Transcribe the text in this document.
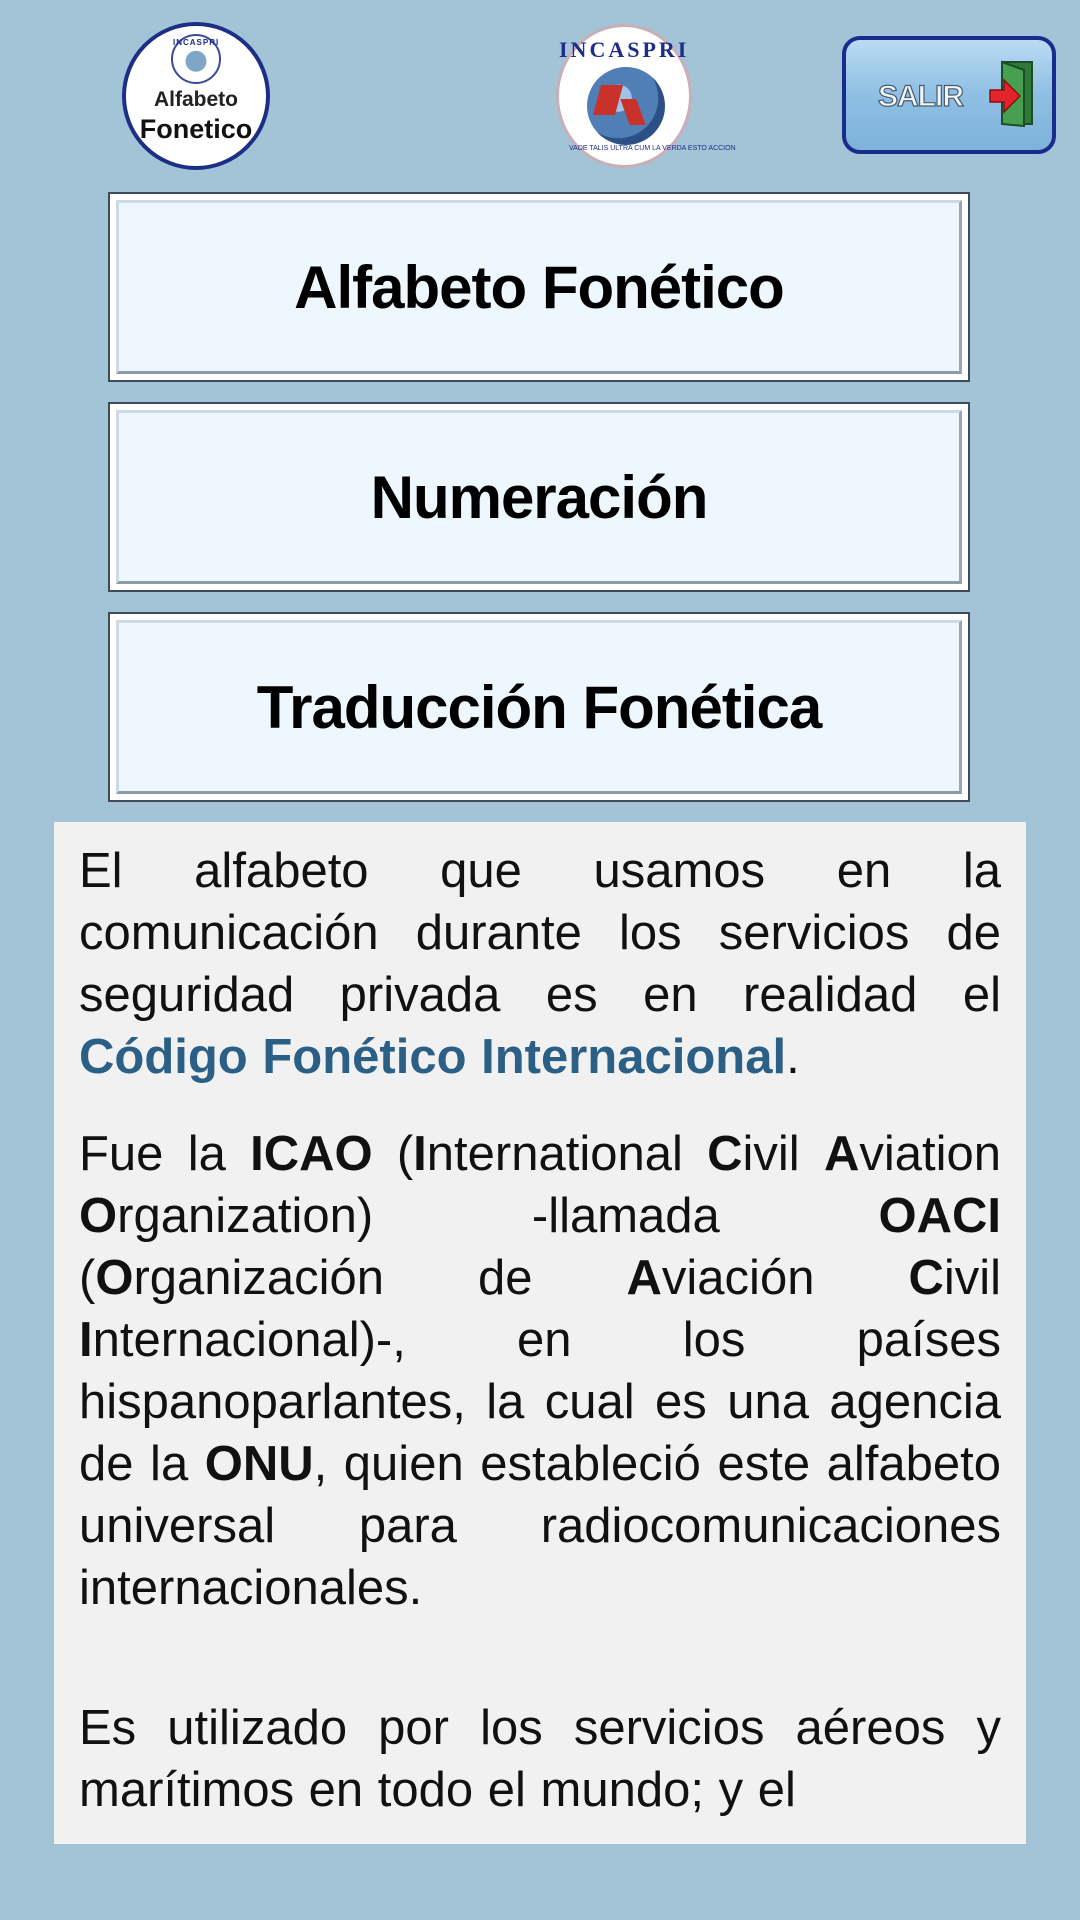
INCASPRI
Alfabeto
Fonetico
INCASPRI
VADE TALIS ULTRA CUM LA VERDA ESTO ACCION
SALIR
Alfabeto Fonético
Numeración
Traducción Fonética

El alfabeto que usamos en la comunicación durante los servicios de seguridad privada es en realidad el Código Fonético Internacional.

Fue la ICAO (International Civil Aviation Organization) -llamada OACI (Organización de Aviación Civil Internacional)-, en los países hispanoparlantes, la cual es una agencia de la ONU, quien estableció este alfabeto universal para radiocomunicaciones internacionales.

Es utilizado por los servicios aéreos y marítimos en todo el mundo; y el
